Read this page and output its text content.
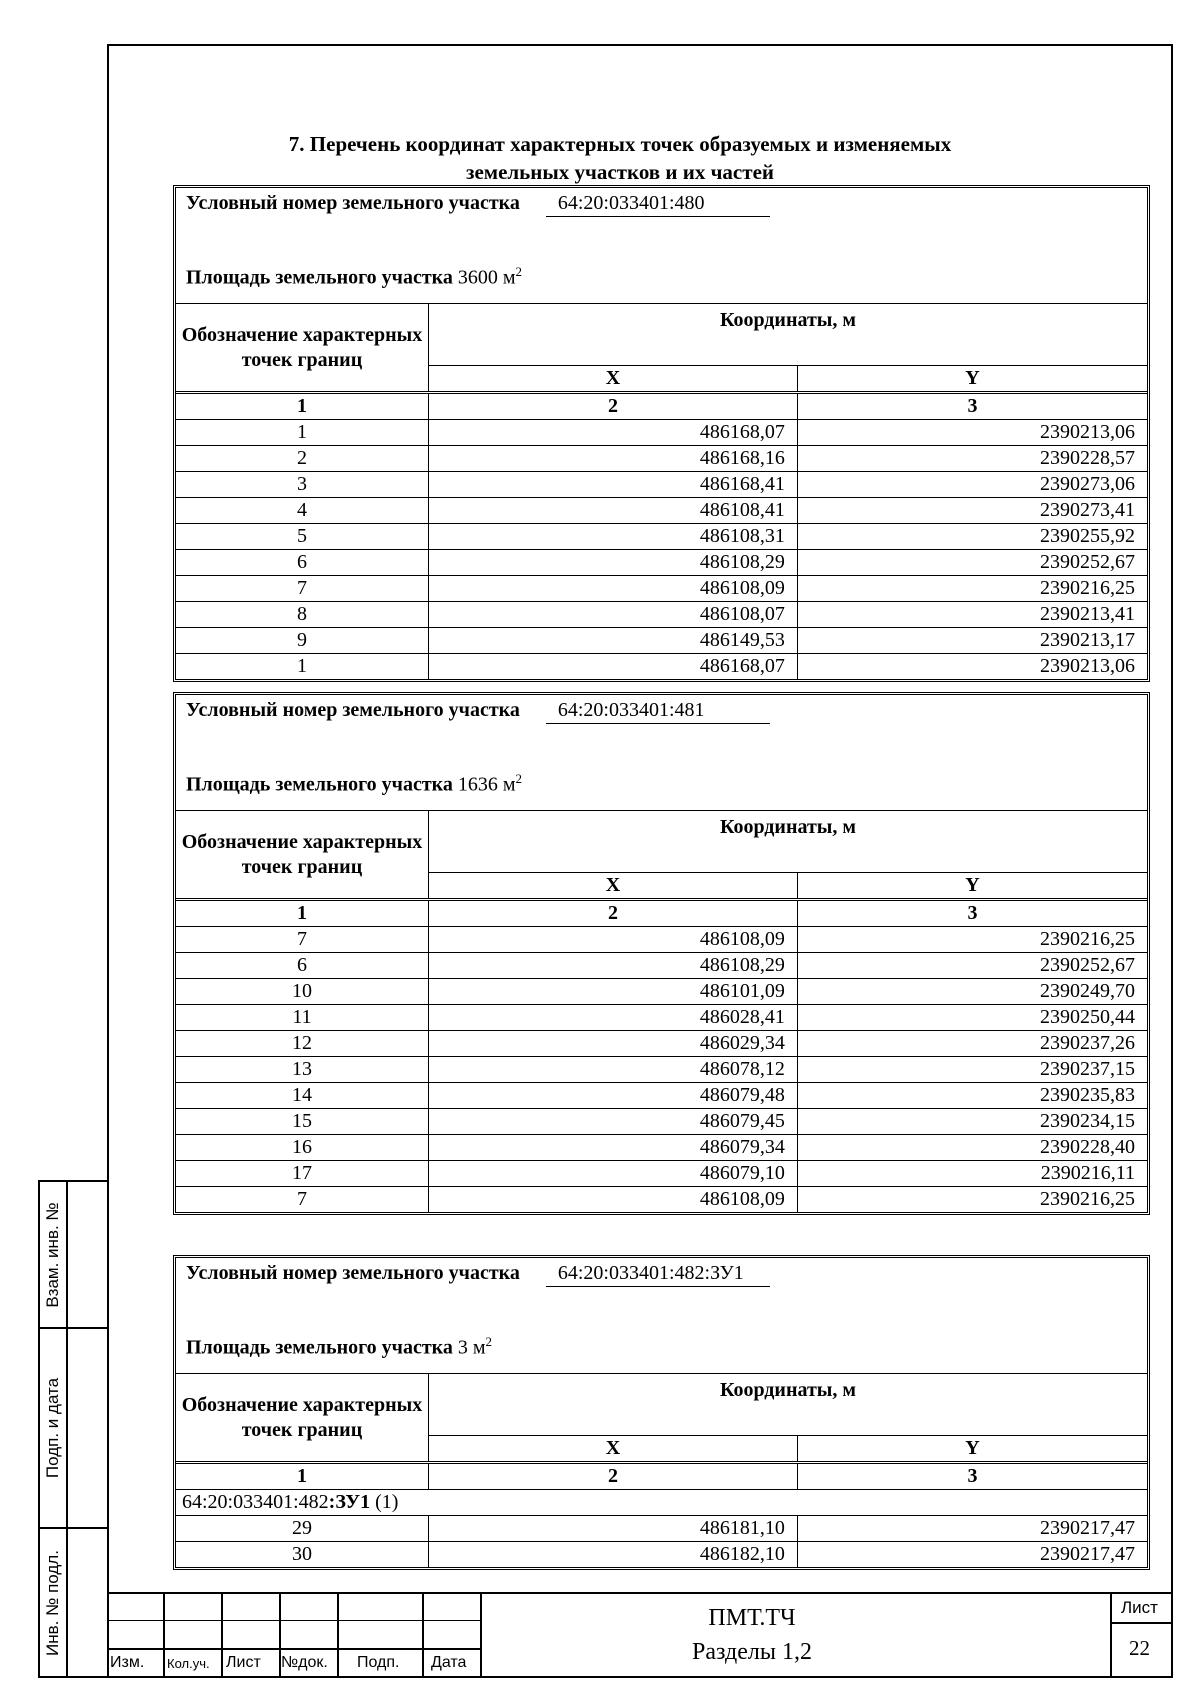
Взам. инв. №
Подп. и дата
Инв. № подл.
7. Перечень координат характерных точек образуемых и изменяемых
земельных участков и их частей
Условный номер земельного участка 64:20:033401:480		

Площадь земельного участка 3600 $м^2$
Обозначение характерных точек границ	Координаты, м	
	X	Y
1	2	3
1	486168,07	2390213,06
2	486168,16	2390228,57
3	486168,41	2390273,06
4	486108,41	2390273,41
5	486108,31	2390255,92
6	486108,29	2390252,67
7	486108,09	2390216,25
8	486108,07	2390213,41
9	486149,53	2390213,17
1	486168,07	2390213,06
Условный номер земельного участка 64:20:033401:481		

Площадь земельного участка 1636 $м^2$
Обозначение характерных точек границ	Координаты, м	
	X	Y
1	2	3
7	486108,09	2390216,25
6	486108,29	2390252,67
10	486101,09	2390249,70
11	486028,41	2390250,44
12	486029,34	2390237,26
13	486078,12	2390237,15
14	486079,48	2390235,83
15	486079,45	2390234,15
16	486079,34	2390228,40
17	486079,10	2390216,11
7	486108,09	2390216,25
Условный номер земельного участка 64:20:033401:482:ЗУ1		

Площадь земельного участка 3 $м^2$
Обозначение характерных точек границ	Координаты, м	
	X	Y
1	2	3
64:20:033401:482:ЗУ1 (1)		
29	486181,10	2390217,47
30	486182,10	2390217,47
Изм. Кол.уч. Лист №док. Подп. Дата
ПМТ.ТЧ
Разделы 1,2
Лист
22
